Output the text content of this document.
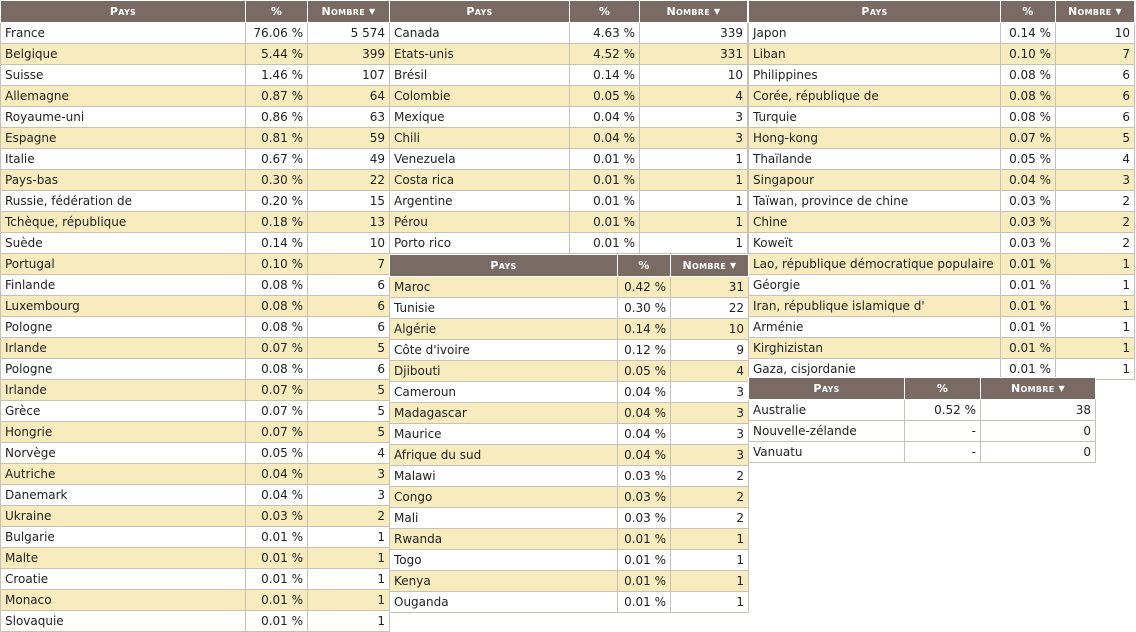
Pays	%	Nombre ▼
France	76.06 %	5 574
Belgique	5.44 %	399
Suisse	1.46 %	107
Allemagne	0.87 %	64
Royaume-uni	0.86 %	63
Espagne	0.81 %	59
Italie	0.67 %	49
Pays-bas	0.30 %	22
Russie, fédération de	0.20 %	15
Tchèque, république	0.18 %	13
Suède	0.14 %	10
Portugal	0.10 %	7
Finlande	0.08 %	6
Luxembourg	0.08 %	6
Pologne	0.08 %	6
Irlande	0.07 %	5
Pologne	0.08 %	6
Irlande	0.07 %	5
Grèce	0.07 %	5
Hongrie	0.07 %	5
Norvège	0.05 %	4
Autriche	0.04 %	3
Danemark	0.04 %	3
Ukraine	0.03 %	2
Bulgarie	0.01 %	1
Malte	0.01 %	1
Croatie	0.01 %	1
Monaco	0.01 %	1
Slovaquie	0.01 %	1
Pays	%	Nombre ▼
Canada	4.63 %	339
Etats-unis	4.52 %	331
Brésil	0.14 %	10
Colombie	0.05 %	4
Mexique	0.04 %	3
Chili	0.04 %	3
Venezuela	0.01 %	1
Costa rica	0.01 %	1
Argentine	0.01 %	1
Pérou	0.01 %	1
Porto rico	0.01 %	1
Pays	%	Nombre ▼
Japon	0.14 %	10
Liban	0.10 %	7
Philippines	0.08 %	6
Corée, république de	0.08 %	6
Turquie	0.08 %	6
Hong-kong	0.07 %	5
Thaïlande	0.05 %	4
Singapour	0.04 %	3
Taïwan, province de chine	0.03 %	2
Chine	0.03 %	2
Koweït	0.03 %	2
Lao, république démocratique populaire	0.01 %	1
Géorgie	0.01 %	1
Iran, république islamique d'	0.01 %	1
Arménie	0.01 %	1
Kirghizistan	0.01 %	1
Gaza, cisjordanie	0.01 %	1
Pays	%	Nombre ▼
Maroc	0.42 %	31
Tunisie	0.30 %	22
Algérie	0.14 %	10
Côte d'ivoire	0.12 %	9
Djibouti	0.05 %	4
Cameroun	0.04 %	3
Madagascar	0.04 %	3
Maurice	0.04 %	3
Afrique du sud	0.04 %	3
Malawi	0.03 %	2
Congo	0.03 %	2
Mali	0.03 %	2
Rwanda	0.01 %	1
Togo	0.01 %	1
Kenya	0.01 %	1
Ouganda	0.01 %	1
Pays	%	Nombre ▼
Australie	0.52 %	38
Nouvelle-zélande	-	0
Vanuatu	-	0
